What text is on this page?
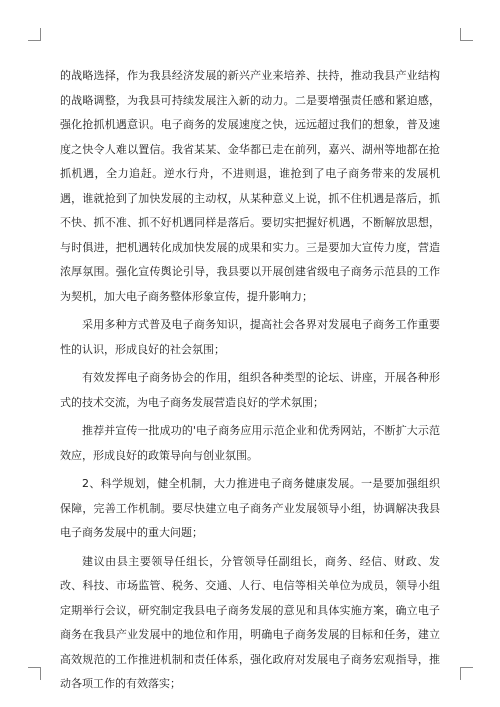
的战略选择，作为我县经济发展的新兴产业来培养、扶持，推动我县产业结构的战略调整，为我县可持续发展注入新的动力。二是要增强责任感和紧迫感，强化抢抓机遇意识。电子商务的发展速度之快，远远超过我们的想象，普及速度之快令人难以置信。我省某某、金华都已走在前列，嘉兴、湖州等地都在抢抓机遇，全力追赶。逆水行舟，不进则退，谁抢到了电子商务带来的发展机遇，谁就抢到了加快发展的主动权，从某种意义上说，抓不住机遇是落后，抓不快、抓不准、抓不好机遇同样是落后。要切实把握好机遇，不断解放思想，与时俱进，把机遇转化成加快发展的成果和实力。三是要加大宣传力度，营造浓厚氛围。强化宣传舆论引导，我县要以开展创建省级电子商务示范县的工作为契机，加大电子商务整体形象宣传，提升影响力；

采用多种方式普及电子商务知识，提高社会各界对发展电子商务工作重要性的认识，形成良好的社会氛围；

有效发挥电子商务协会的作用，组织各种类型的论坛、讲座，开展各种形式的技术交流，为电子商务发展营造良好的学术氛围；

推荐并宣传一批成功的'电子商务应用示范企业和优秀网站，不断扩大示范效应，形成良好的政策导向与创业氛围。

2、科学规划，健全机制，大力推进电子商务健康发展。一是要加强组织保障，完善工作机制。要尽快建立电子商务产业发展领导小组，协调解决我县电子商务发展中的重大问题；

建议由县主要领导任组长，分管领导任副组长，商务、经信、财政、发改、科技、市场监管、税务、交通、人行、电信等相关单位为成员，领导小组定期举行会议，研究制定我县电子商务发展的意见和具体实施方案，确立电子商务在我县产业发展中的地位和作用，明确电子商务发展的目标和任务，建立高效规范的工作推进机制和责任体系，强化政府对发展电子商务宏观指导，推动各项工作的有效落实；
